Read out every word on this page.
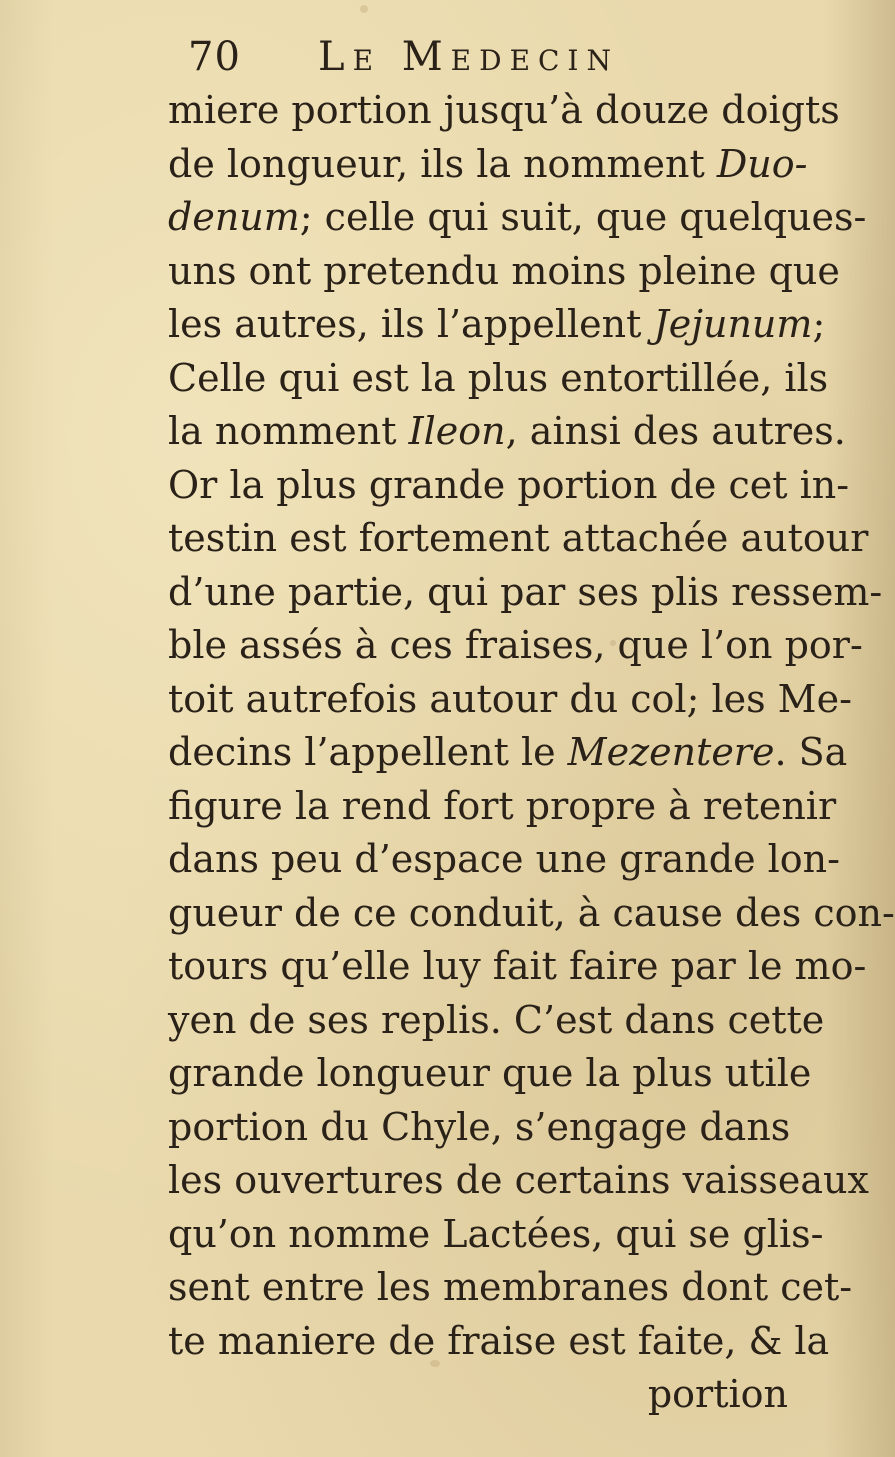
70	Le Medecin
miere portion jusqu’à douze doigts
de longueur, ils la nomment Duo-
denum; celle qui suit, que quelques-
uns ont pretendu moins pleine que
les autres, ils l’appellent Jejunum;
Celle qui est la plus entortillée, ils
la nomment Ileon, ainsi des autres.
Or la plus grande portion de cet in-
testin est fortement attachée autour
d’une partie, qui par ses plis ressem-
ble assés à ces fraises, que l’on por-
toit autrefois autour du col; les Me-
decins l’appellent le Mezentere. Sa
figure la rend fort propre à retenir
dans peu d’espace une grande lon-
gueur de ce conduit, à cause des con-
tours qu’elle luy fait faire par le mo-
yen de ses replis. C’est dans cette
grande longueur que la plus utile
portion du Chyle, s’engage dans
les ouvertures de certains vaisseaux
qu’on nomme Lactées, qui se glis-
sent entre les membranes dont cet-
te maniere de fraise est faite, & la
portion
